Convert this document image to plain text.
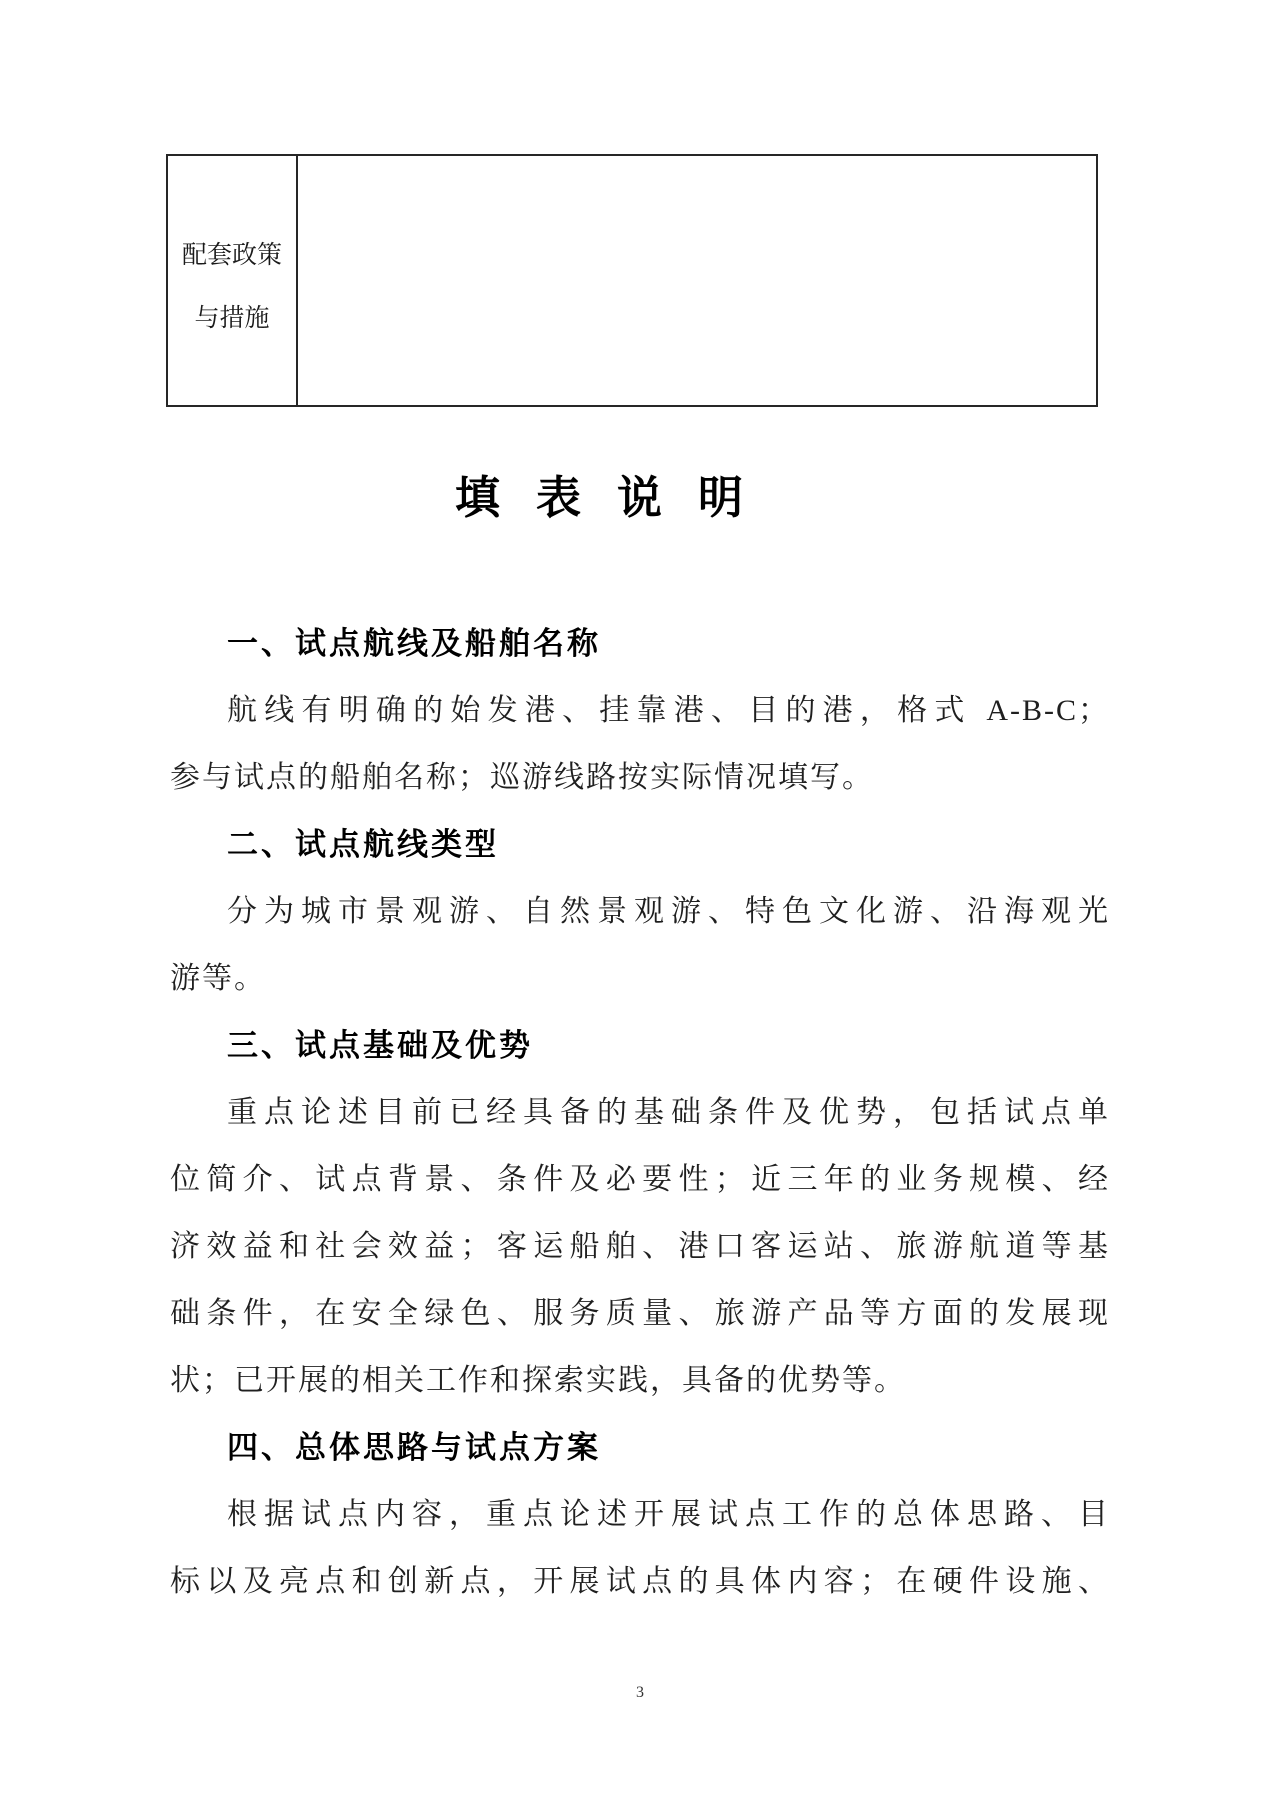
配套政策
与措施
填表说明
一、试点航线及船舶名称
航线有明确的始发港、挂靠港、目的港，格式 A-B-C；
参与试点的船舶名称；巡游线路按实际情况填写。
二、试点航线类型
分为城市景观游、自然景观游、特色文化游、沿海观光
游等。
三、试点基础及优势
重点论述目前已经具备的基础条件及优势，包括试点单
位简介、试点背景、条件及必要性；近三年的业务规模、经
济效益和社会效益；客运船舶、港口客运站、旅游航道等基
础条件，在安全绿色、服务质量、旅游产品等方面的发展现
状；已开展的相关工作和探索实践，具备的优势等。
四、总体思路与试点方案
根据试点内容，重点论述开展试点工作的总体思路、目
标以及亮点和创新点，开展试点的具体内容；在硬件设施、
3
